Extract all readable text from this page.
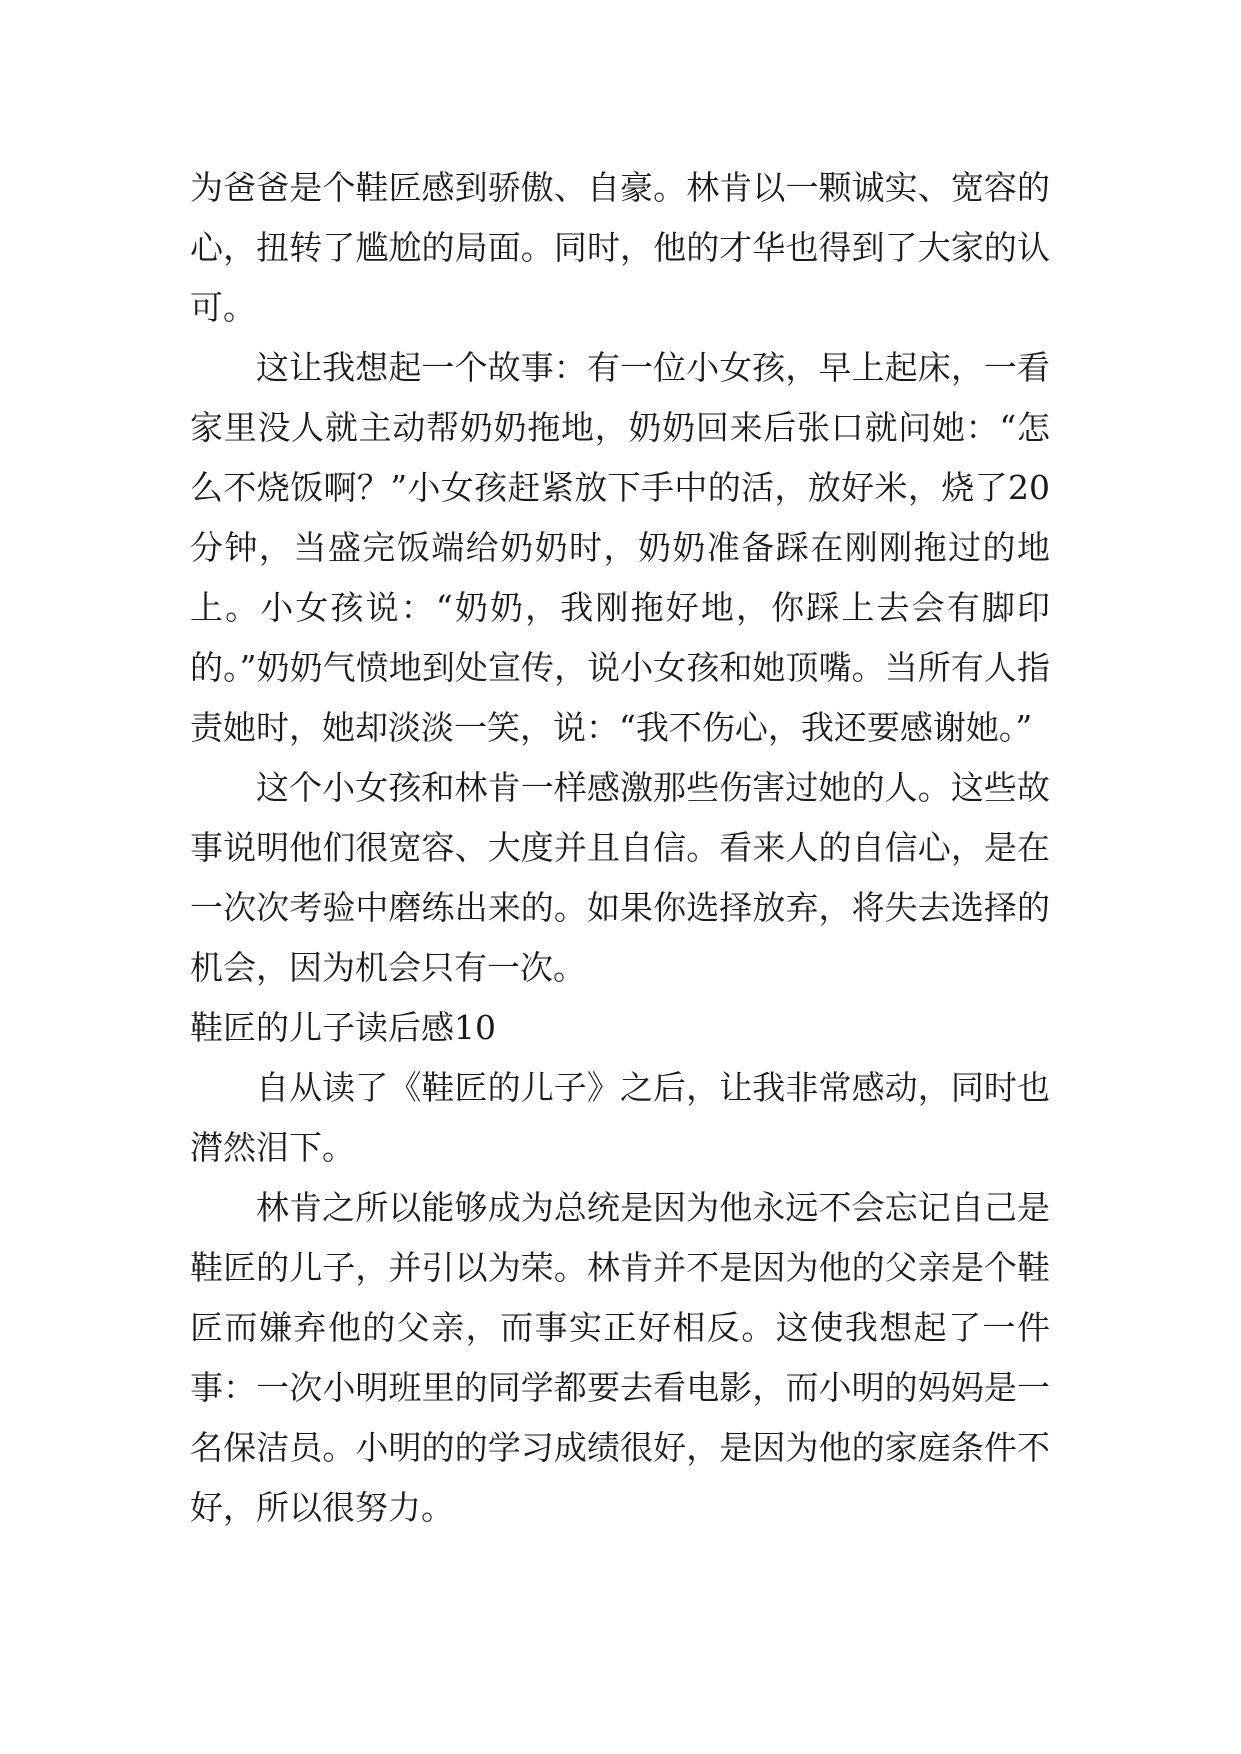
为爸爸是个鞋匠感到骄傲、自豪。林肯以一颗诚实、宽容的心，扭转了尴尬的局面。同时，他的才华也得到了大家的认可。

这让我想起一个故事：有一位小女孩，早上起床，一看家里没人就主动帮奶奶拖地，奶奶回来后张口就问她：“怎么不烧饭啊？”小女孩赶紧放下手中的活，放好米，烧了20分钟，当盛完饭端给奶奶时，奶奶准备踩在刚刚拖过的地上。小女孩说：“奶奶，我刚拖好地，你踩上去会有脚印的。”奶奶气愤地到处宣传，说小女孩和她顶嘴。当所有人指责她时，她却淡淡一笑，说：“我不伤心，我还要感谢她。”

这个小女孩和林肯一样感激那些伤害过她的人。这些故事说明他们很宽容、大度并且自信。看来人的自信心，是在一次次考验中磨练出来的。如果你选择放弃，将失去选择的机会，因为机会只有一次。

鞋匠的儿子读后感10

自从读了《鞋匠的儿子》之后，让我非常感动，同时也潸然泪下。

林肯之所以能够成为总统是因为他永远不会忘记自己是鞋匠的儿子，并引以为荣。林肯并不是因为他的父亲是个鞋匠而嫌弃他的父亲，而事实正好相反。这使我想起了一件事：一次小明班里的同学都要去看电影，而小明的妈妈是一名保洁员。小明的的学习成绩很好，是因为他的家庭条件不好，所以很努力。
